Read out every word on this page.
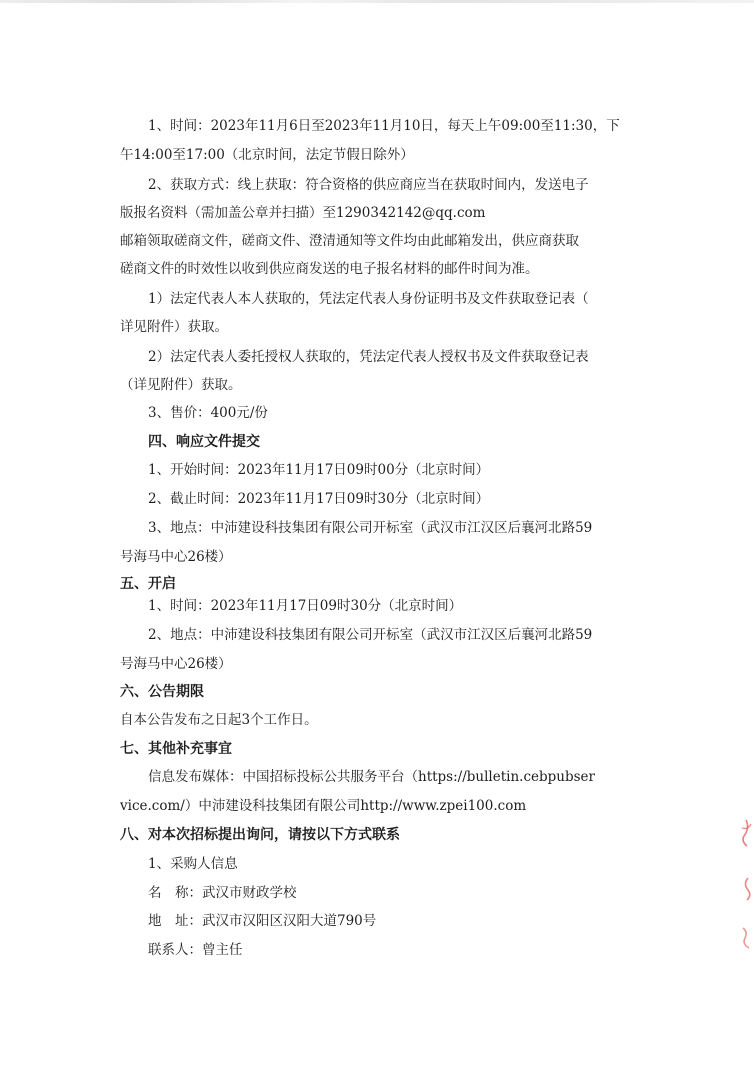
1、时间：2023年11月6日至2023年11月10日，每天上午09:00至11:30，下
午14:00至17:00（北京时间，法定节假日除外）
2、获取方式：线上获取：符合资格的供应商应当在获取时间内，发送电子
版报名资料（需加盖公章并扫描）至1290342142@qq.com
邮箱领取磋商文件，磋商文件、澄清通知等文件均由此邮箱发出，供应商获取
磋商文件的时效性以收到供应商发送的电子报名材料的邮件时间为准。
1）法定代表人本人获取的，凭法定代表人身份证明书及文件获取登记表（
详见附件）获取。
2）法定代表人委托授权人获取的，凭法定代表人授权书及文件获取登记表
（详见附件）获取。
3、售价：400元/份
四、响应文件提交
1、开始时间：2023年11月17日09时00分（北京时间）
2、截止时间：2023年11月17日09时30分（北京时间）
3、地点：中沛建设科技集团有限公司开标室（武汉市江汉区后襄河北路59
号海马中心26楼）
五、开启
1、时间：2023年11月17日09时30分（北京时间）
2、地点：中沛建设科技集团有限公司开标室（武汉市江汉区后襄河北路59
号海马中心26楼）
六、公告期限
自本公告发布之日起3个工作日。
七、其他补充事宜
信息发布媒体：中国招标投标公共服务平台（https://bulletin.cebpubser
vice.com/）中沛建设科技集团有限公司http://www.zpei100.com
八、对本次招标提出询问，请按以下方式联系
1、采购人信息
名　称：武汉市财政学校
地　址：武汉市汉阳区汉阳大道790号
联系人：曾主任
